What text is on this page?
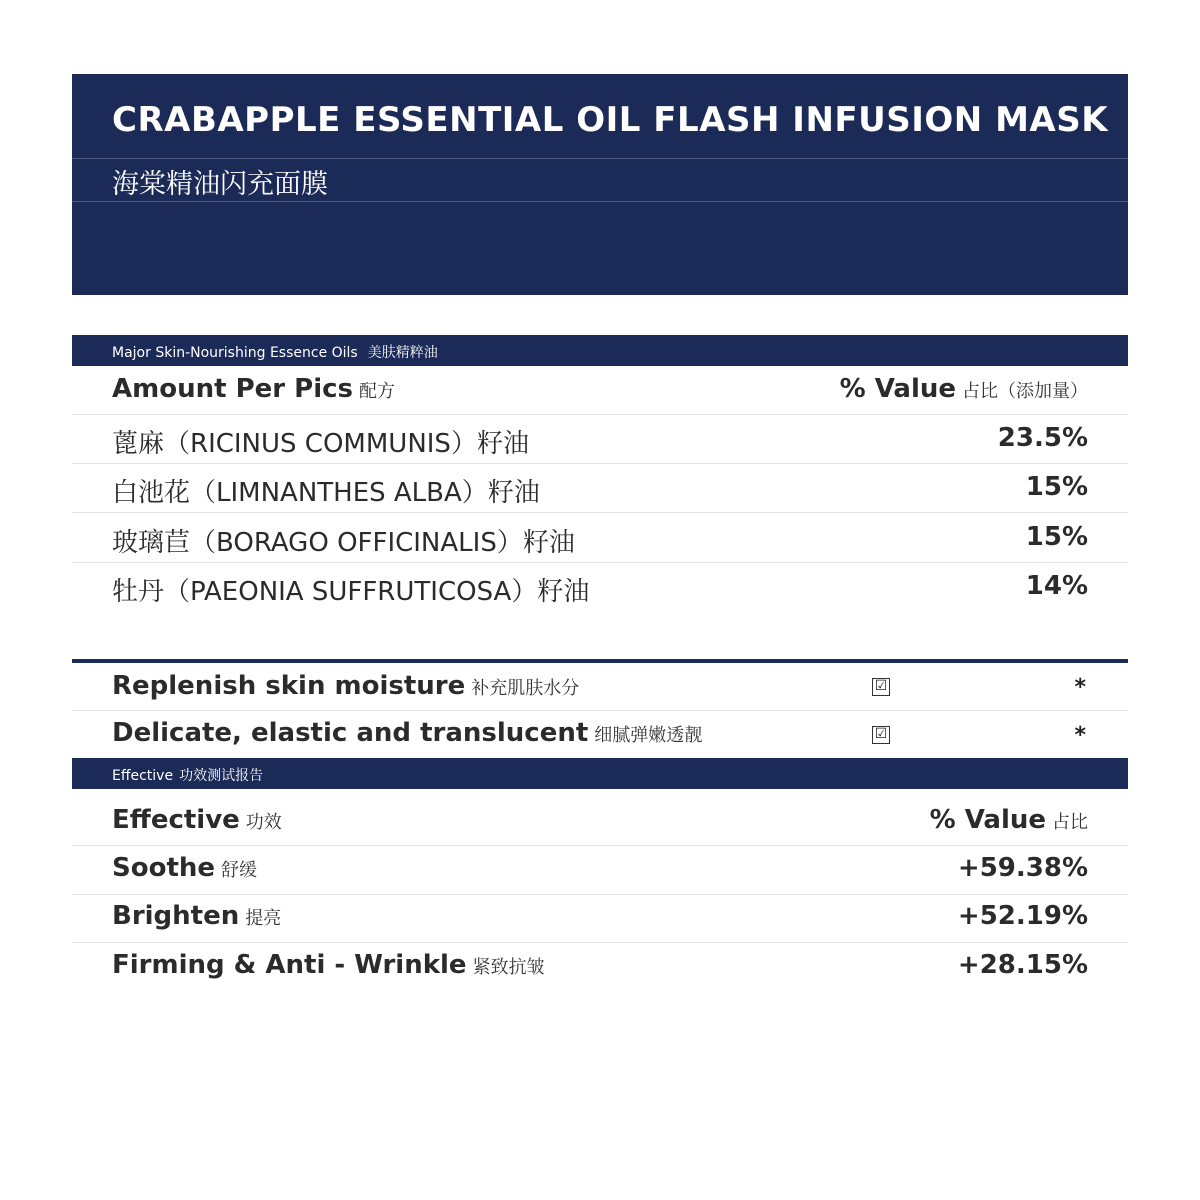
CRABAPPLE ESSENTIAL OIL FLASH INFUSION MASK
海棠精油闪充面膜
Major Skin-Nourishing Essence Oils 美肤精粹油
Amount Per Pics 配方	% Value 占比（添加量）
蓖麻（RICINUS COMMUNIS）籽油	23.5%
白池花（LIMNANTHES ALBA）籽油	15%
玻璃苣（BORAGO OFFICINALIS）籽油	15%
牡丹（PAEONIA SUFFRUTICOSA）籽油	14%
Replenish skin moisture 补充肌肤水分	☑	*
Delicate, elastic and translucent 细腻弹嫩透靓	☑	*
Effective 功效测试报告
Effective 功效	% Value 占比
Soothe 舒缓	+59.38%
Brighten 提亮	+52.19%
Firming & Anti - Wrinkle 紧致抗皱	+28.15%
